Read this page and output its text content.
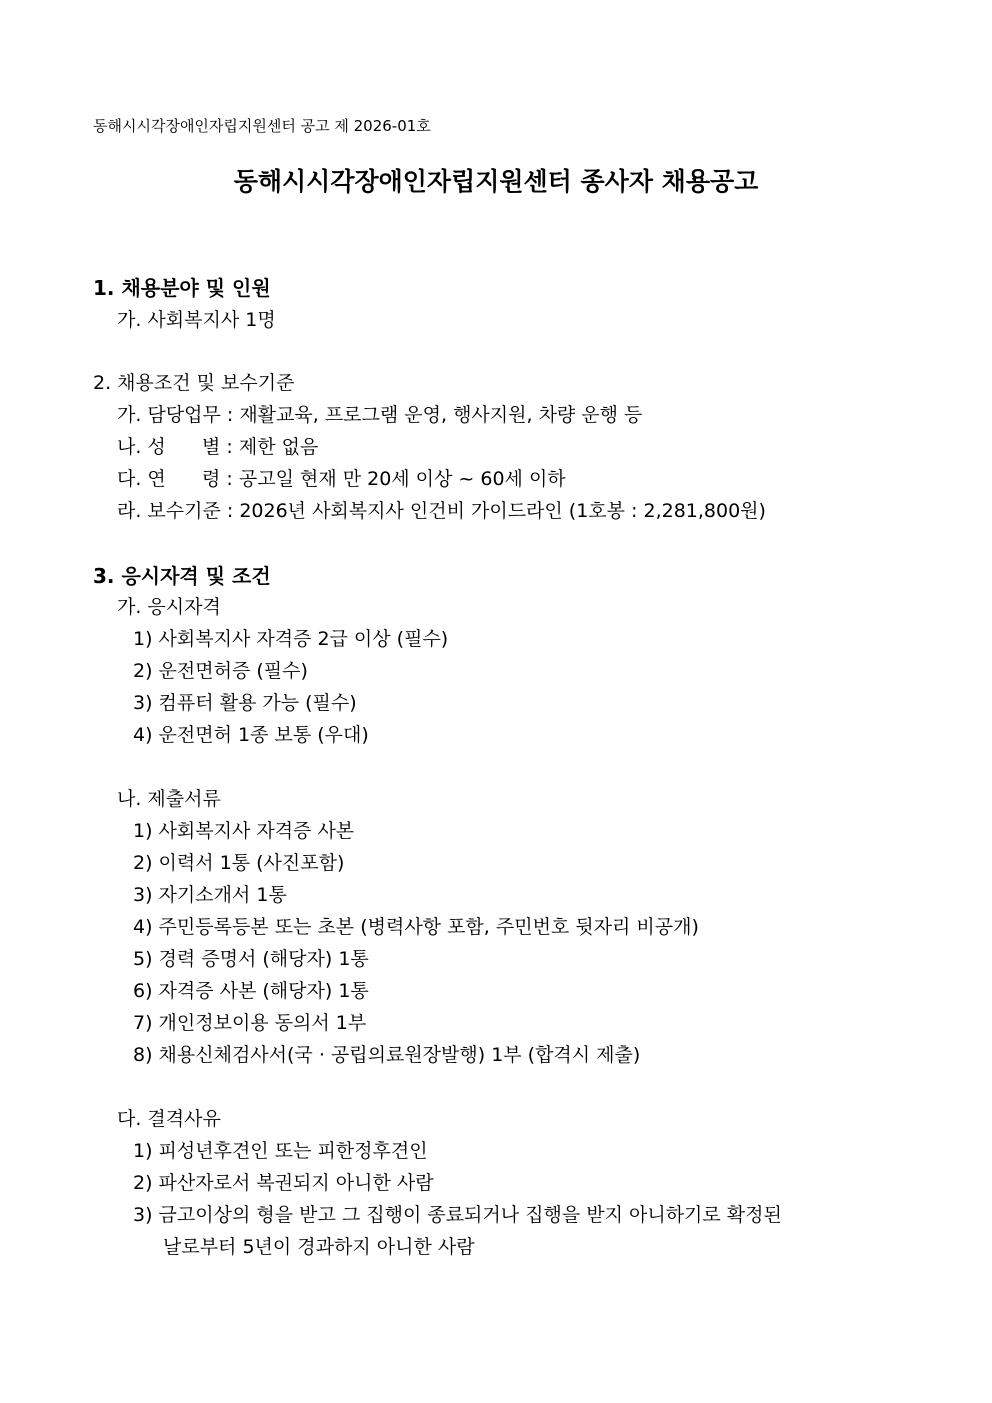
동해시시각장애인자립지원센터 공고 제 2026-01호
동해시시각장애인자립지원센터 종사자 채용공고
1. 채용분야 및 인원
가. 사회복지사 1명
2. 채용조건 및 보수기준
가. 담당업무 : 재활교육, 프로그램 운영, 행사지원, 차량 운행 등
나. 성      별 : 제한 없음
다. 연      령 : 공고일 현재 만 20세 이상 ~ 60세 이하
라. 보수기준 : 2026년 사회복지사 인건비 가이드라인 (1호봉 : 2,281,800원)
3. 응시자격 및 조건
가. 응시자격
1) 사회복지사 자격증 2급 이상 (필수)
2) 운전면허증 (필수)
3) 컴퓨터 활용 가능 (필수)
4) 운전면허 1종 보통 (우대)
나. 제출서류
1) 사회복지사 자격증 사본
2) 이력서 1통 (사진포함)
3) 자기소개서 1통
4) 주민등록등본 또는 초본 (병력사항 포함, 주민번호 뒷자리 비공개)
5) 경력 증명서 (해당자) 1통
6) 자격증 사본 (해당자) 1통
7) 개인정보이용 동의서 1부
8) 채용신체검사서(국 · 공립의료원장발행) 1부 (합격시 제출)
다. 결격사유
1) 피성년후견인 또는 피한정후견인
2) 파산자로서 복권되지 아니한 사람
3) 금고이상의 형을 받고 그 집행이 종료되거나 집행을 받지 아니하기로 확정된
날로부터 5년이 경과하지 아니한 사람
